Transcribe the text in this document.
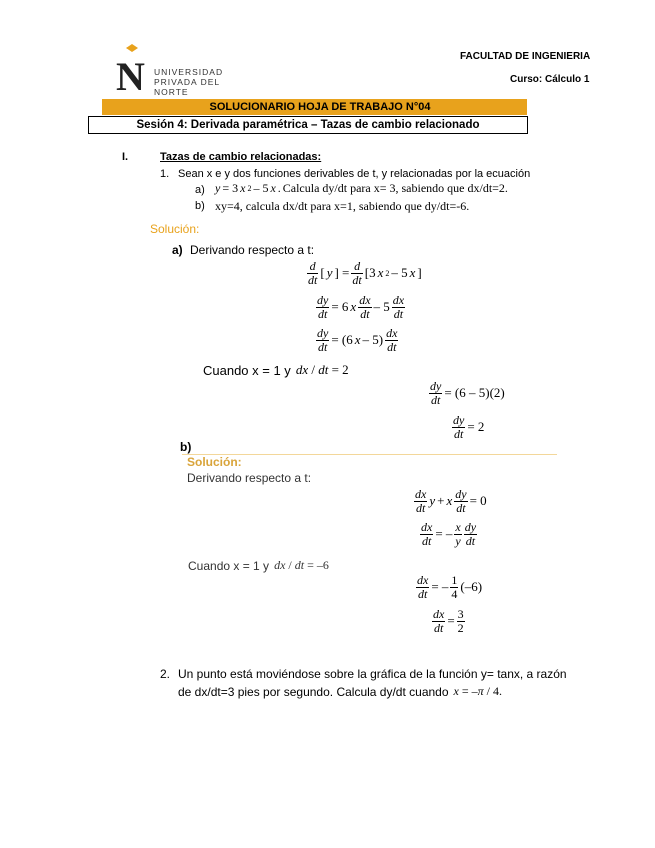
N UNIVERSIDAD
PRIVADA DEL NORTE
FACULTAD DE INGENIERIA
Curso: Cálculo 1
SOLUCIONARIO HOJA DE TRABAJO N°04
Sesión 4: Derivada paramétrica – Tazas de cambio relacionado
I.	Tazas de cambio relacionadas:
1. Sean x e y dos funciones derivables de t, y relacionadas por la ecuación
a) y = 3 x 2 – 5 x . Calcula dy/dt para x= 3, sabiendo que dx/dt=2.
b) xy=4, calcula dx/dt para x=1, sabiendo que dy/dt=-6.
Solución:
a) Derivando respecto a t:
$\frac{d}{dt}$ [ y ] = $\frac{d}{dt} [3$ x 2 – 5 x ]
$\frac{dy}{dt} = 6$ x $\frac{dx}{dt} - 5 \frac{dx}{dt}$
$\frac{dy}{dt} = (6$ x – $5) \frac{dx}{dt}$
Cuando x = 1 y dx / dt = 2
$\frac{dy}{dt} = (6 - 5)(2)$
$\frac{dy}{dt} = 2$
b)
Solución:
Derivando respecto a t:
$\frac{dx}{dt}$ y + x $\frac{dy}{dt} = 0$
$\frac{dx}{dt}$ = – $\frac{x}{y} \frac{dy}{dt}$
Cuando x = 1 y dx / dt = –6
$\frac{dx}{dt}$ = – $\frac{1}{4} (-6)$
$\frac{dx}{dt} = \frac{3}{2}$
2. Un punto está moviéndose sobre la gráfica de la función y= tanx, a razón
de dx/dt=3 pies por segundo. Calcula dy/dt cuando x = –π / 4.
